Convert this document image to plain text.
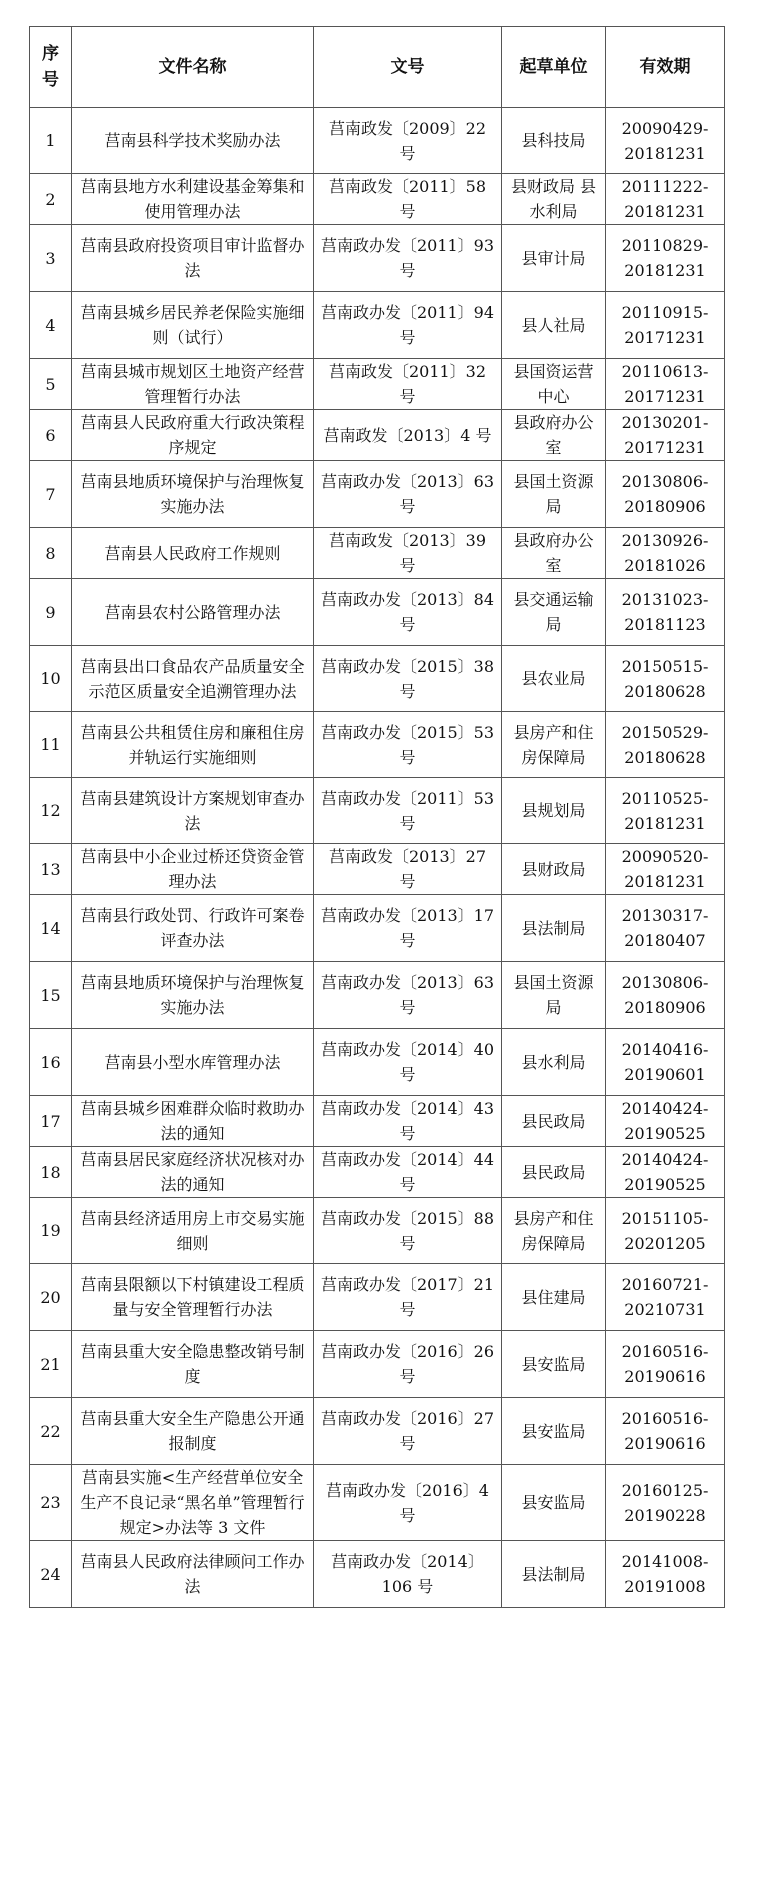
序号	文件名称	文号	起草单位	有效期
1	莒南县科学技术奖励办法	莒南政发〔2009〕22 号	县科技局	20090429-20181231
2	莒南县地方水利建设基金筹集和使用管理办法	莒南政发〔2011〕58 号	县财政局 县水利局	20111222-20181231
3	莒南县政府投资项目审计监督办法	莒南政办发〔2011〕93 号	县审计局	20110829-20181231
4	莒南县城乡居民养老保险实施细则（试行）	莒南政办发〔2011〕94 号	县人社局	20110915-20171231
5	莒南县城市规划区土地资产经营管理暂行办法	莒南政发〔2011〕32 号	县国资运营中心	20110613-20171231
6	莒南县人民政府重大行政决策程序规定	莒南政发〔2013〕4 号	县政府办公室	20130201-20171231
7	莒南县地质环境保护与治理恢复实施办法	莒南政办发〔2013〕63 号	县国土资源局	20130806-20180906
8	莒南县人民政府工作规则	莒南政发〔2013〕39 号	县政府办公室	20130926-20181026
9	莒南县农村公路管理办法	莒南政办发〔2013〕84 号	县交通运输局	20131023-20181123
10	莒南县出口食品农产品质量安全示范区质量安全追溯管理办法	莒南政办发〔2015〕38 号	县农业局	20150515-20180628
11	莒南县公共租赁住房和廉租住房并轨运行实施细则	莒南政办发〔2015〕53 号	县房产和住房保障局	20150529-20180628
12	莒南县建筑设计方案规划审查办法	莒南政办发〔2011〕53 号	县规划局	20110525-20181231
13	莒南县中小企业过桥还贷资金管理办法	莒南政发〔2013〕27 号	县财政局	20090520-20181231
14	莒南县行政处罚、行政许可案卷评查办法	莒南政办发〔2013〕17 号	县法制局	20130317-20180407
15	莒南县地质环境保护与治理恢复实施办法	莒南政办发〔2013〕63 号	县国土资源局	20130806-20180906
16	莒南县小型水库管理办法	莒南政办发〔2014〕40 号	县水利局	20140416-20190601
17	莒南县城乡困难群众临时救助办法的通知	莒南政办发〔2014〕43 号	县民政局	20140424-20190525
18	莒南县居民家庭经济状况核对办法的通知	莒南政办发〔2014〕44 号	县民政局	20140424-20190525
19	莒南县经济适用房上市交易实施细则	莒南政办发〔2015〕88 号	县房产和住房保障局	20151105-20201205
20	莒南县限额以下村镇建设工程质量与安全管理暂行办法	莒南政办发〔2017〕21 号	县住建局	20160721-20210731
21	莒南县重大安全隐患整改销号制度	莒南政办发〔2016〕26 号	县安监局	20160516-20190616
22	莒南县重大安全生产隐患公开通报制度	莒南政办发〔2016〕27 号	县安监局	20160516-20190616
23	莒南县实施<生产经营单位安全生产不良记录“黑名单”管理暂行规定>办法等 3 文件	莒南政办发〔2016〕4 号	县安监局	20160125-20190228
24	莒南县人民政府法律顾问工作办法	莒南政办发〔2014〕106 号	县法制局	20141008-20191008
